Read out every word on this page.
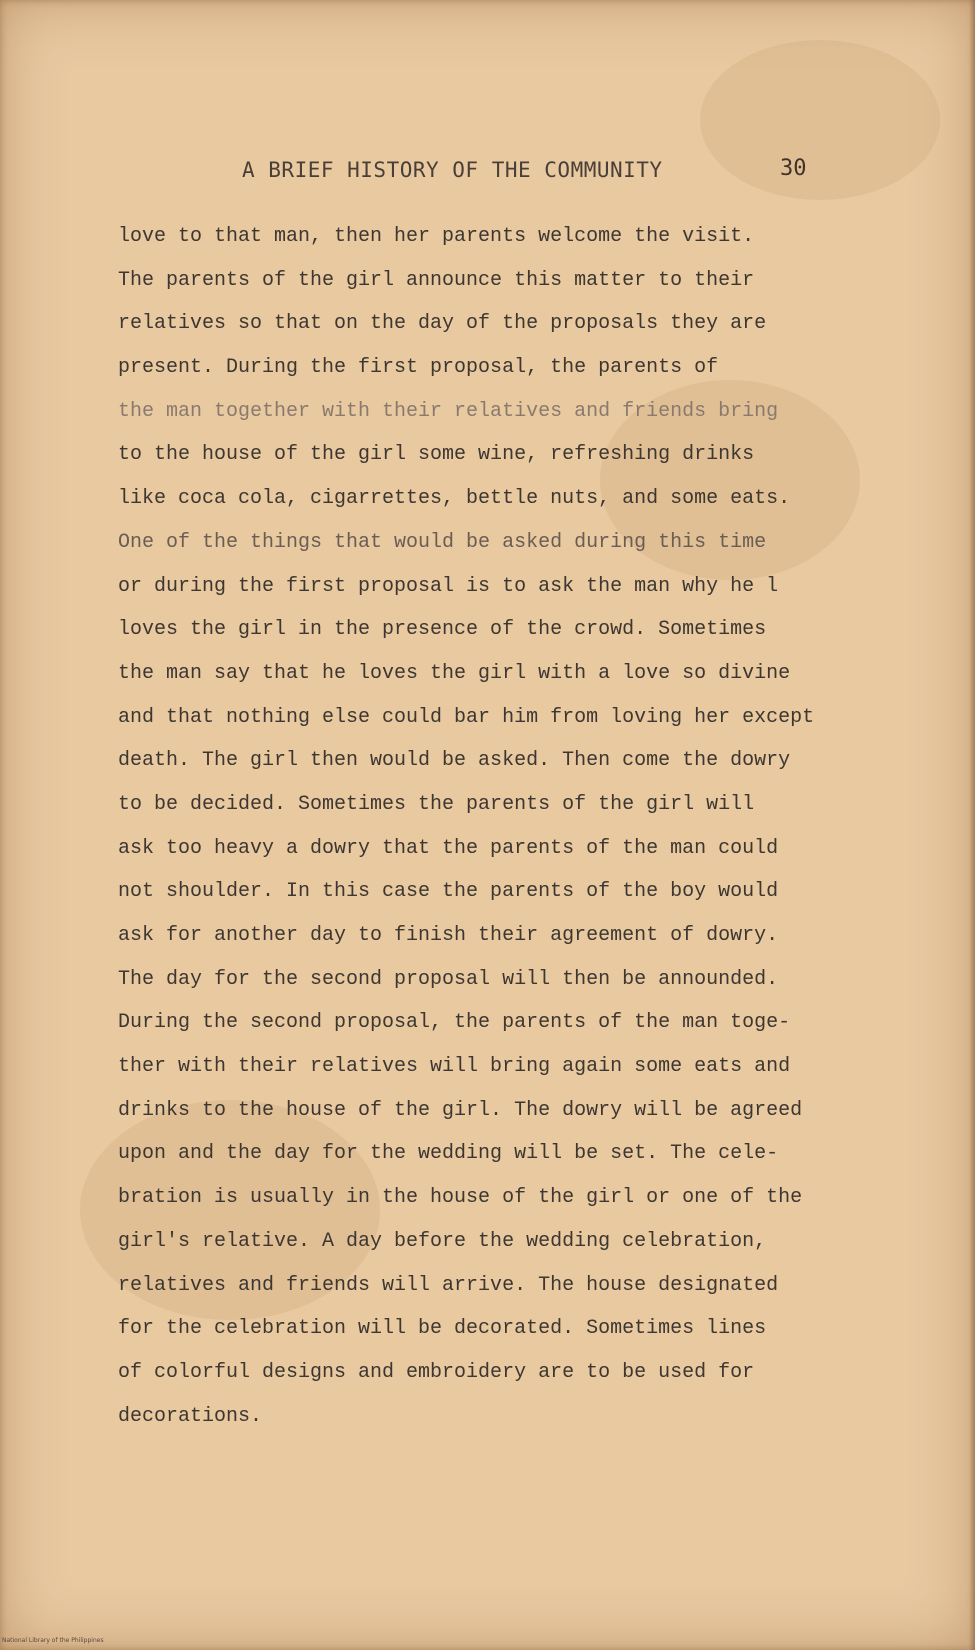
A BRIEF HISTORY OF THE COMMUNITY	30
love to that man, then her parents welcome the visit.
The parents of the girl announce this matter to their
relatives so that on the day of the proposals they are
present. During the first proposal, the parents of
the man together with their relatives and friends bring
to the house of the girl some wine, refreshing drinks
like coca cola, cigarrettes, bettle nuts, and some eats.
One of the things that would be asked during this time
or during the first proposal is to ask the man why he l
loves the girl in the presence of the crowd. Sometimes
the man say that he loves the girl with a love so divine
and that nothing else could bar him from loving her except
death. The girl then would be asked. Then come the dowry
to be decided. Sometimes the parents of the girl will
ask too heavy a dowry that the parents of the man could
not shoulder. In this case the parents of the boy would
ask for another day to finish their agreement of dowry.
The day for the second proposal will then be announded.
During the second proposal, the parents of the man toge-
ther with their relatives will bring again some eats and
drinks to the house of the girl. The dowry will be agreed
upon and the day for the wedding will be set. The cele-
bration is usually in the house of the girl or one of the
girl's relative. A day before the wedding celebration,
relatives and friends will arrive. The house designated
for the celebration will be decorated. Sometimes lines
of colorful designs and embroidery are to be used for
decorations.
National Library of the Philippines
